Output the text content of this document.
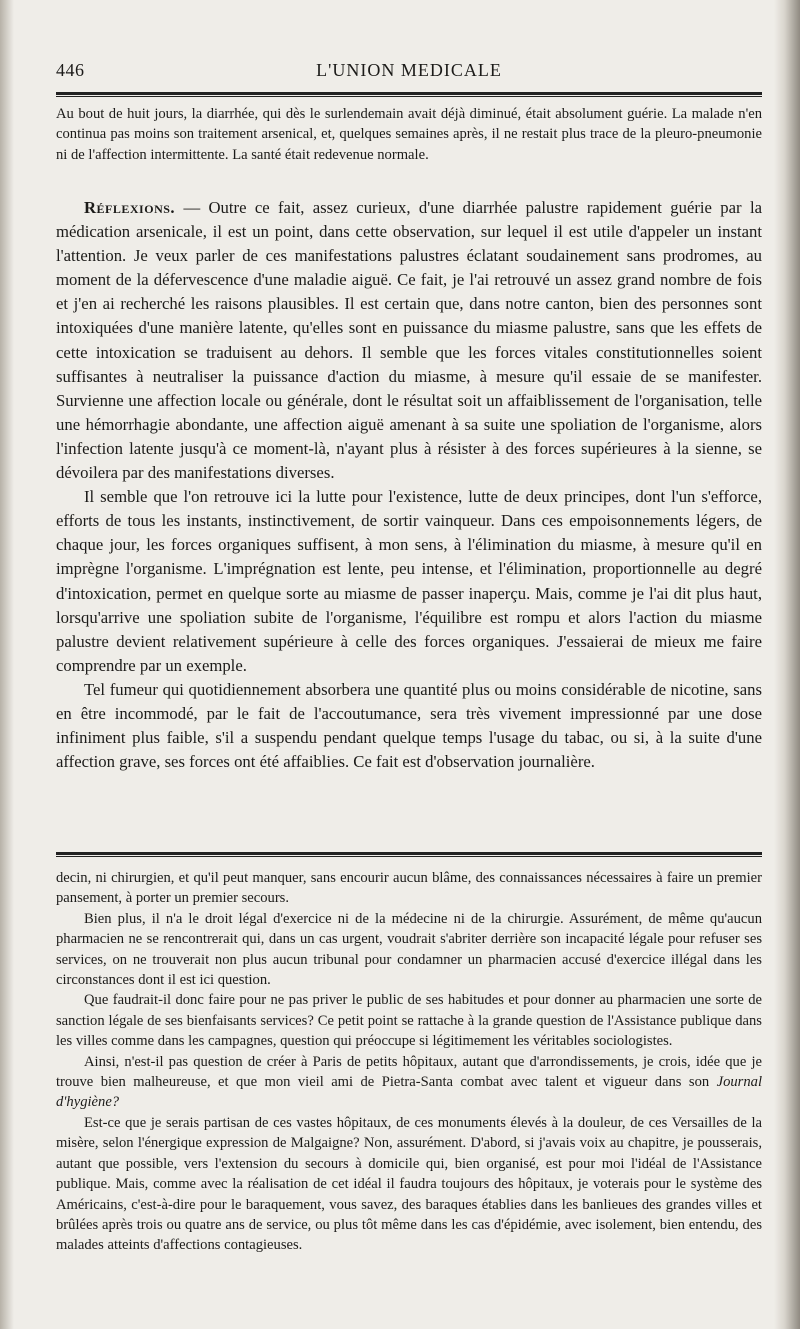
446	L'UNION MEDICALE

Au bout de huit jours, la diarrhée, qui dès le surlendemain avait déjà diminué, était absolument guérie. La malade n'en continua pas moins son traitement arsenical, et, quelques semaines après, il ne restait plus trace de la pleuro-pneumonie ni de l'affection intermittente. La santé était redevenue normale.

Réflexions. — Outre ce fait, assez curieux, d'une diarrhée palustre rapidement guérie par la médication arsenicale, il est un point, dans cette observation, sur lequel il est utile d'appeler un instant l'attention. Je veux parler de ces manifestations palustres éclatant soudainement sans prodromes, au moment de la défervescence d'une maladie aiguë. Ce fait, je l'ai retrouvé un assez grand nombre de fois et j'en ai recherché les raisons plausibles. Il est certain que, dans notre canton, bien des personnes sont intoxiquées d'une manière latente, qu'elles sont en puissance du miasme palustre, sans que les effets de cette intoxication se traduisent au dehors. Il semble que les forces vitales constitutionnelles soient suffisantes à neutraliser la puissance d'action du miasme, à mesure qu'il essaie de se manifester. Survienne une affection locale ou générale, dont le résultat soit un affaiblissement de l'organisation, telle une hémorrhagie abondante, une affection aiguë amenant à sa suite une spoliation de l'organisme, alors l'infection latente jusqu'à ce moment-là, n'ayant plus à résister à des forces supérieures à la sienne, se dévoilera par des manifestations diverses.

Il semble que l'on retrouve ici la lutte pour l'existence, lutte de deux principes, dont l'un s'efforce, efforts de tous les instants, instinctivement, de sortir vainqueur. Dans ces empoisonnements légers, de chaque jour, les forces organiques suffisent, à mon sens, à l'élimination du miasme, à mesure qu'il en imprègne l'organisme. L'imprégnation est lente, peu intense, et l'élimination, proportionnelle au degré d'intoxication, permet en quelque sorte au miasme de passer inaperçu. Mais, comme je l'ai dit plus haut, lorsqu'arrive une spoliation subite de l'organisme, l'équilibre est rompu et alors l'action du miasme palustre devient relativement supérieure à celle des forces organiques. J'essaierai de mieux me faire comprendre par un exemple.

Tel fumeur qui quotidiennement absorbera une quantité plus ou moins considérable de nicotine, sans en être incommodé, par le fait de l'accoutumance, sera très vivement impressionné par une dose infiniment plus faible, s'il a suspendu pendant quelque temps l'usage du tabac, ou si, à la suite d'une affection grave, ses forces ont été affaiblies. Ce fait est d'observation journalière.

decin, ni chirurgien, et qu'il peut manquer, sans encourir aucun blâme, des connaissances nécessaires à faire un premier pansement, à porter un premier secours.

Bien plus, il n'a le droit légal d'exercice ni de la médecine ni de la chirurgie. Assurément, de même qu'aucun pharmacien ne se rencontrerait qui, dans un cas urgent, voudrait s'abriter derrière son incapacité légale pour refuser ses services, on ne trouverait non plus aucun tribunal pour condamner un pharmacien accusé d'exercice illégal dans les circonstances dont il est ici question.

Que faudrait-il donc faire pour ne pas priver le public de ses habitudes et pour donner au pharmacien une sorte de sanction légale de ses bienfaisants services? Ce petit point se rattache à la grande question de l'Assistance publique dans les villes comme dans les campagnes, question qui préoccupe si légitimement les véritables sociologistes.

Ainsi, n'est-il pas question de créer à Paris de petits hôpitaux, autant que d'arrondissements, je crois, idée que je trouve bien malheureuse, et que mon vieil ami de Pietra-Santa combat avec talent et vigueur dans son Journal d'hygiène?

Est-ce que je serais partisan de ces vastes hôpitaux, de ces monuments élevés à la douleur, de ces Versailles de la misère, selon l'énergique expression de Malgaigne? Non, assurément. D'abord, si j'avais voix au chapitre, je pousserais, autant que possible, vers l'extension du secours à domicile qui, bien organisé, est pour moi l'idéal de l'Assistance publique. Mais, comme avec la réalisation de cet idéal il faudra toujours des hôpitaux, je voterais pour le système des Américains, c'est-à-dire pour le baraquement, vous savez, des baraques établies dans les banlieues des grandes villes et brûlées après trois ou quatre ans de service, ou plus tôt même dans les cas d'épidémie, avec isolement, bien entendu, des malades atteints d'affections contagieuses.
